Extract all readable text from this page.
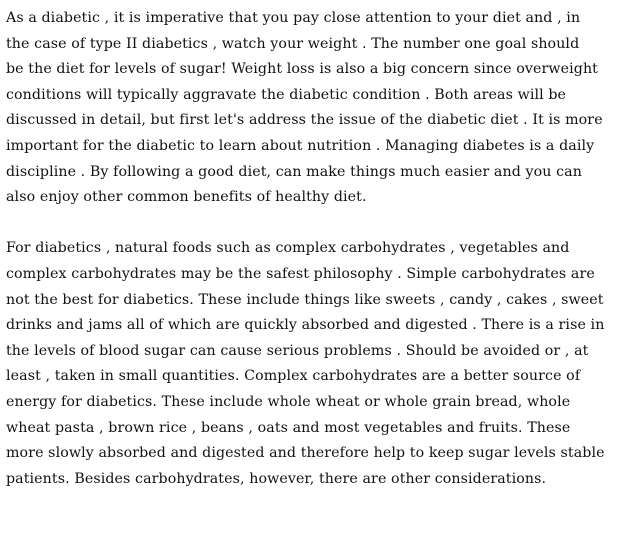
As a diabetic , it is imperative that you pay close attention to your diet and , in
the case of type II diabetics , watch your weight . The number one goal should
be the diet for levels of sugar! Weight loss is also a big concern since overweight
conditions will typically aggravate the diabetic condition . Both areas will be
discussed in detail, but first let's address the issue of the diabetic diet . It is more
important for the diabetic to learn about nutrition . Managing diabetes is a daily
discipline . By following a good diet, can make things much easier and you can
also enjoy other common benefits of healthy diet.
For diabetics , natural foods such as complex carbohydrates , vegetables and
complex carbohydrates may be the safest philosophy . Simple carbohydrates are
not the best for diabetics. These include things like sweets , candy , cakes , sweet
drinks and jams all of which are quickly absorbed and digested . There is a rise in
the levels of blood sugar can cause serious problems . Should be avoided or , at
least , taken in small quantities. Complex carbohydrates are a better source of
energy for diabetics. These include whole wheat or whole grain bread, whole
wheat pasta , brown rice , beans , oats and most vegetables and fruits. These
more slowly absorbed and digested and therefore help to keep sugar levels stable
patients. Besides carbohydrates, however, there are other considerations.
